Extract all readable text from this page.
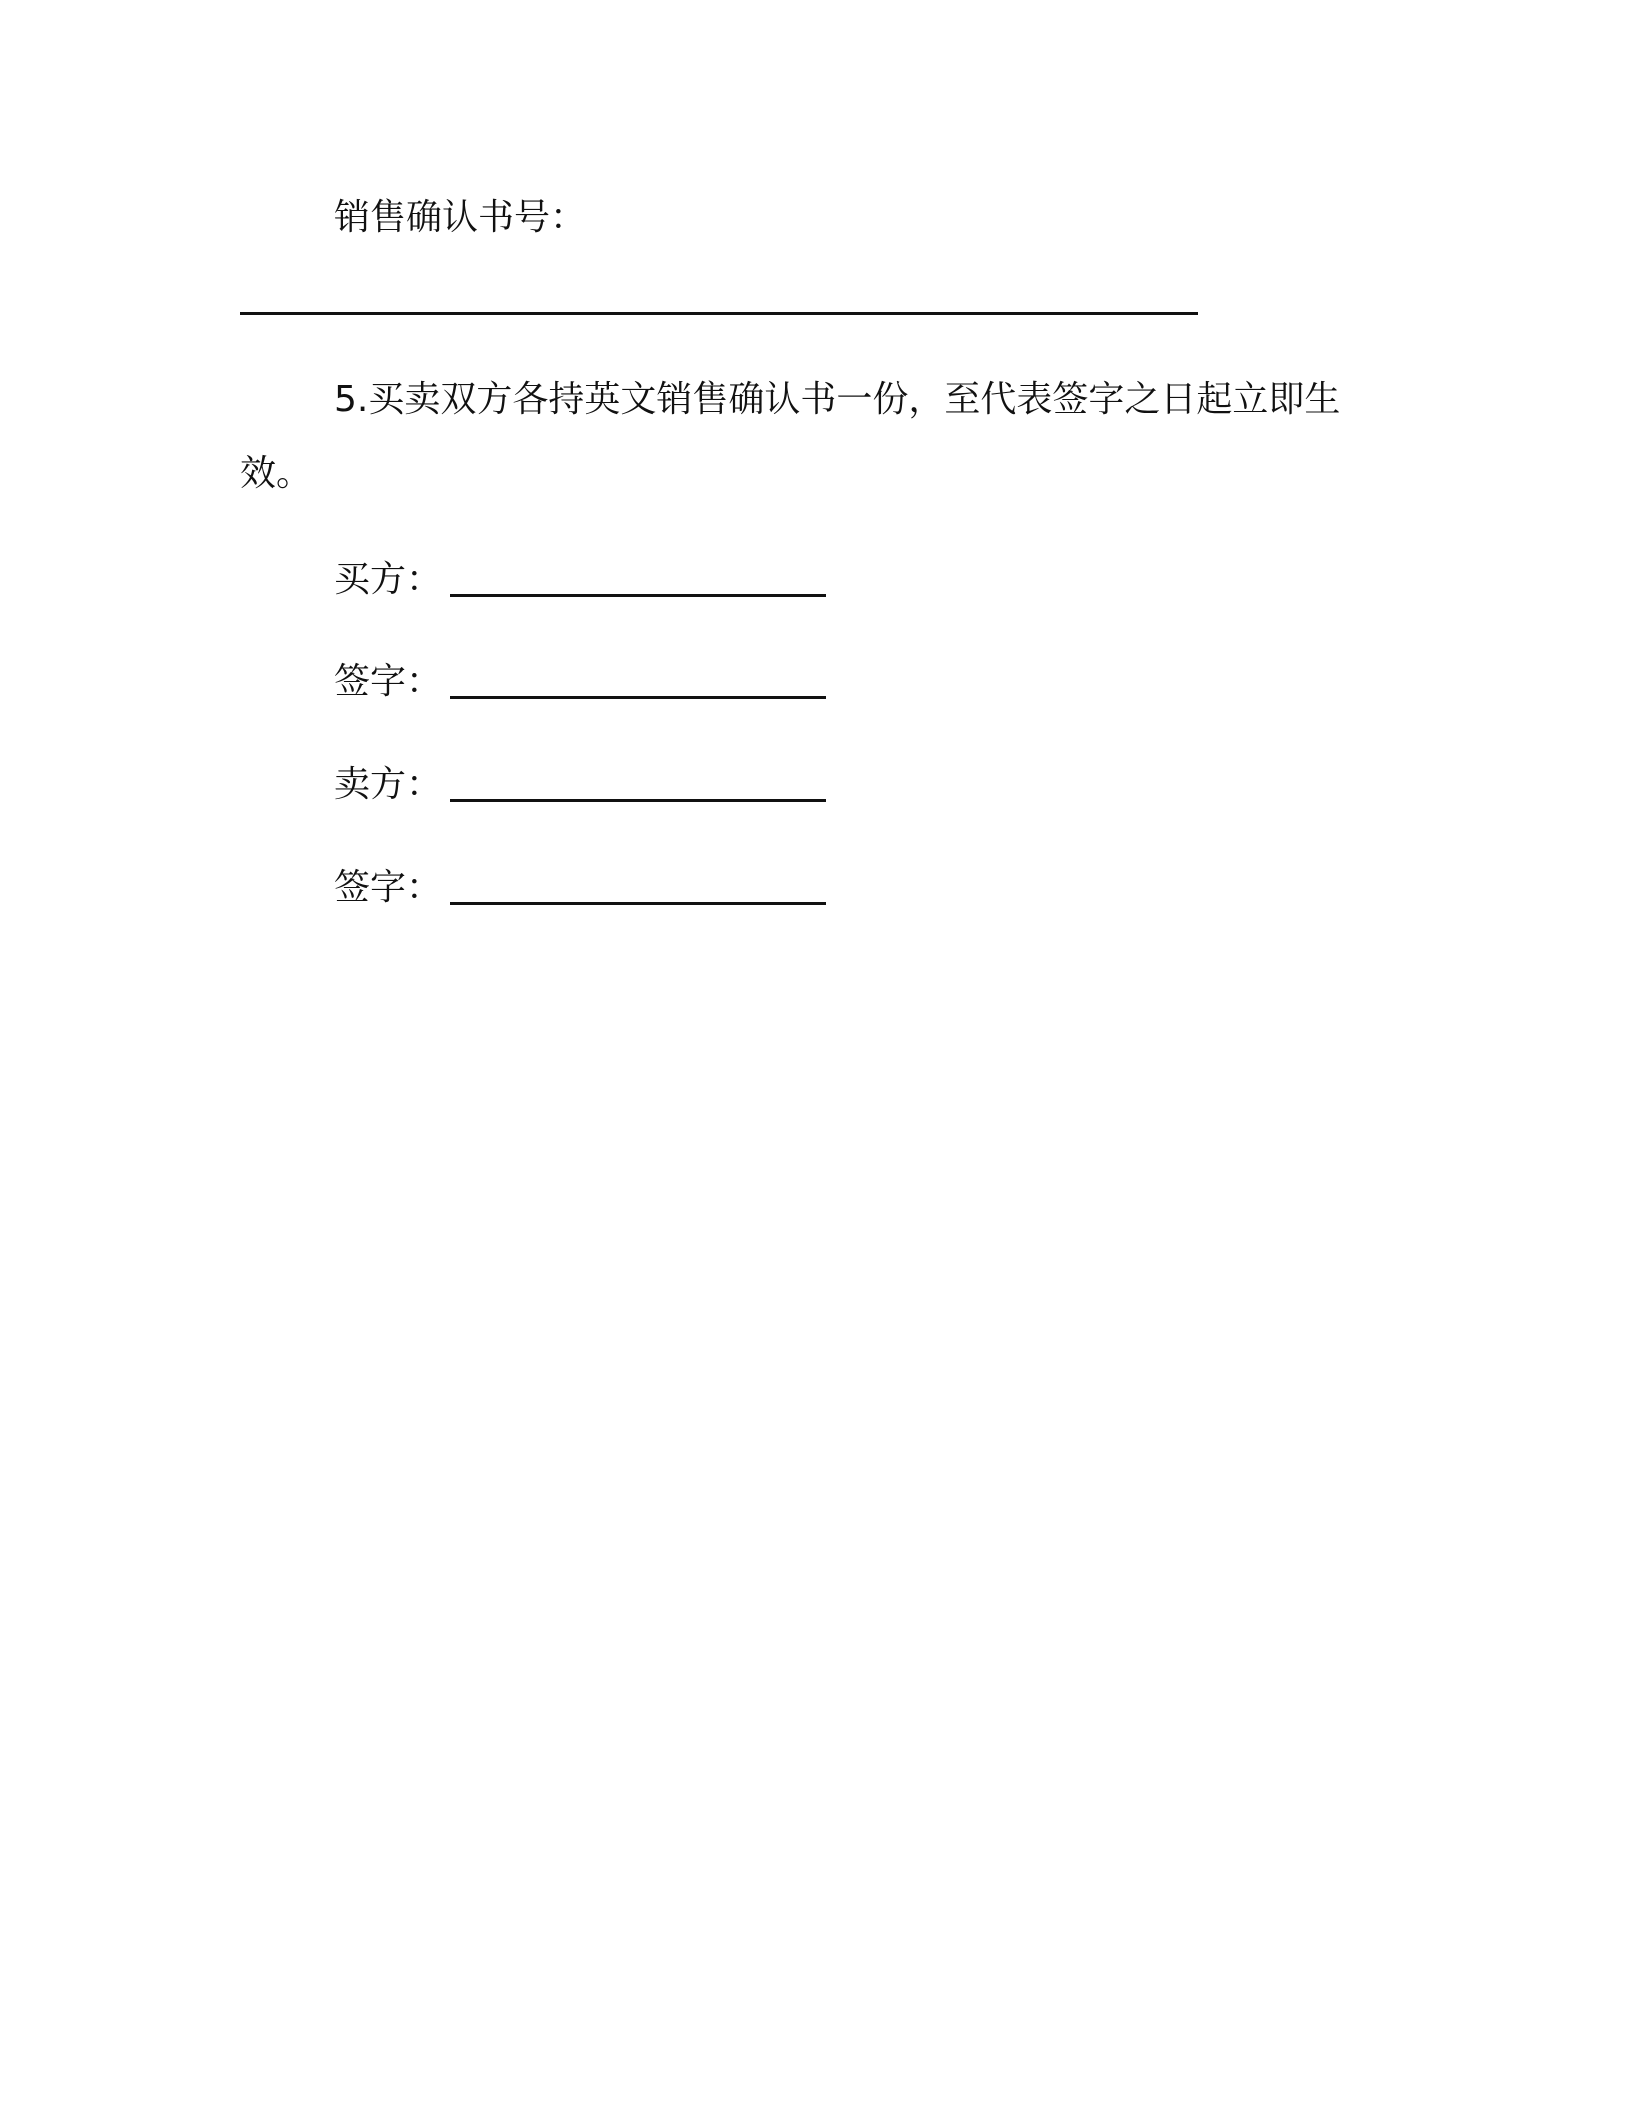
销售确认书号：
5.买卖双方各持英文销售确认书一份，至代表签字之日起立即生
效。
买方：
签字：
卖方：
签字：
